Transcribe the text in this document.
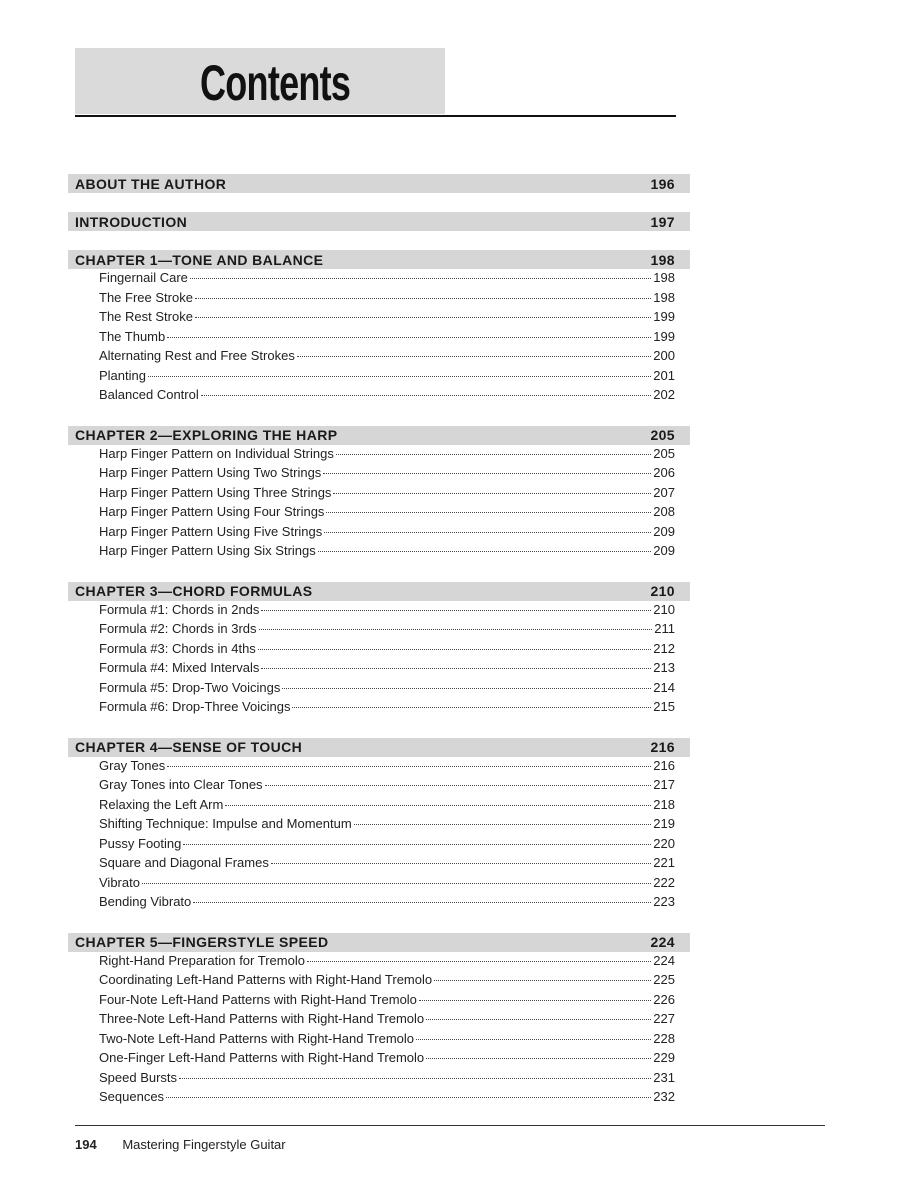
Contents
ABOUT THE AUTHOR	196
INTRODUCTION	197
CHAPTER 1—TONE AND BALANCE	198
Fingernail Care	198
The Free Stroke	198
The Rest Stroke	199
The Thumb	199
Alternating Rest and Free Strokes	200
Planting	201
Balanced Control	202
CHAPTER 2—EXPLORING THE HARP	205
Harp Finger Pattern on Individual Strings	205
Harp Finger Pattern Using Two Strings	206
Harp Finger Pattern Using Three Strings	207
Harp Finger Pattern Using Four Strings	208
Harp Finger Pattern Using Five Strings	209
Harp Finger Pattern Using Six Strings	209
CHAPTER 3—CHORD FORMULAS	210
Formula #1: Chords in 2nds	210
Formula #2: Chords in 3rds	211
Formula #3: Chords in 4ths	212
Formula #4: Mixed Intervals	213
Formula #5: Drop-Two Voicings	214
Formula #6: Drop-Three Voicings	215
CHAPTER 4—SENSE OF TOUCH	216
Gray Tones	216
Gray Tones into Clear Tones	217
Relaxing the Left Arm	218
Shifting Technique: Impulse and Momentum	219
Pussy Footing	220
Square and Diagonal Frames	221
Vibrato	222
Bending Vibrato	223
CHAPTER 5—FINGERSTYLE SPEED	224
Right-Hand Preparation for Tremolo	224
Coordinating Left-Hand Patterns with Right-Hand Tremolo	225
Four-Note Left-Hand Patterns with Right-Hand Tremolo	226
Three-Note Left-Hand Patterns with Right-Hand Tremolo	227
Two-Note Left-Hand Patterns with Right-Hand Tremolo	228
One-Finger Left-Hand Patterns with Right-Hand Tremolo	229
Speed Bursts	231
Sequences	232
194 Mastering Fingerstyle Guitar
